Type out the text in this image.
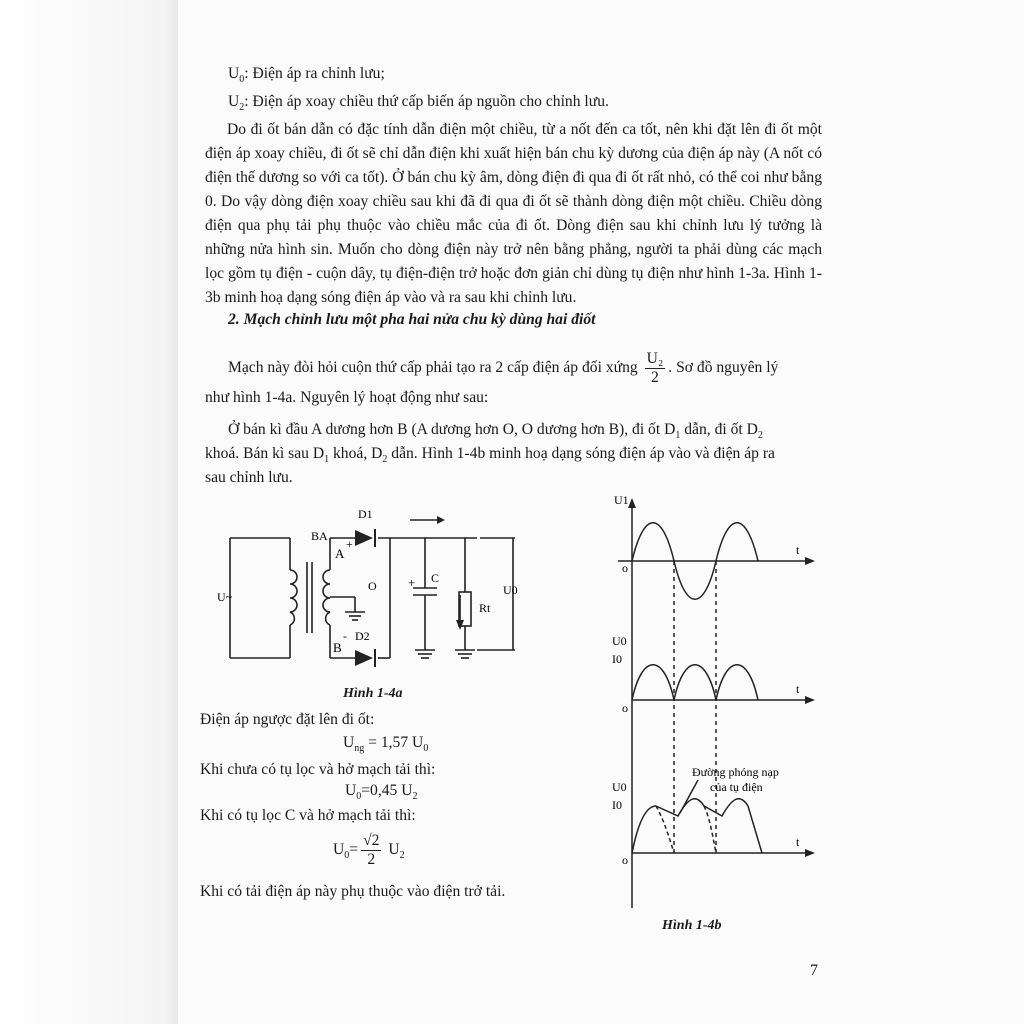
$U_0$: Điện áp ra chỉnh lưu;
$U_2$: Điện áp xoay chiều thứ cấp biến áp nguồn cho chỉnh lưu.

Do đi ốt bán dẫn có đặc tính dẫn điện một chiều, từ a nốt đến ca tốt, nên khi đặt lên đi ốt một điện áp xoay chiều, đi ốt sẽ chỉ dẫn điện khi xuất hiện bán chu kỳ dương của điện áp này (A nốt có điện thế dương so với ca tốt). Ở bán chu kỳ âm, dòng điện đi qua đi ốt rất nhỏ, có thể coi như bằng 0. Do vậy dòng điện xoay chiều sau khi đã đi qua đi ốt sẽ thành dòng điện một chiều. Chiều dòng điện qua phụ tải phụ thuộc vào chiều mắc của đi ốt. Dòng điện sau khi chỉnh lưu lý tưởng là những nửa hình sin. Muốn cho dòng điện này trở nên bằng phẳng, người ta phải dùng các mạch lọc gồm tụ điện - cuộn dây, tụ điện-điện trở hoặc đơn giản chỉ dùng tụ điện như hình 1-3a. Hình 1-3b minh hoạ dạng sóng điện áp vào và ra sau khi chỉnh lưu.

2. Mạch chỉnh lưu một pha hai nửa chu kỳ dùng hai điốt
Mạch này đòi hỏi cuộn thứ cấp phải tạo ra 2 cấp điện áp đối xứng $\frac{\text{U₂}}{2}$ . Sơ đồ nguyên lý
như hình 1-4a. Nguyên lý hoạt động như sau:
Ở bán kì đầu A dương hơn B (A dương hơn O, O dương hơn B), đi ốt $D_1$ dẫn, đi ốt $D_2$
khoá. Bán kì sau $D_1$ khoá, $D_2$ dẫn. Hình 1-4b minh hoạ dạng sóng điện áp vào và điện áp ra
sau chỉnh lưu.
U~
BA
A
+
O
B
-
D1
D2
+ C
Rt
U0
Hình 1-4a
Điện áp ngược đặt lên đi ốt:
$U_{ng} = 1,57$ $U_0$
Khi chưa có tụ lọc và hở mạch tải thì:
$U_0=0,45$ $U_2$
Khi có tụ lọc C và hở mạch tải thì:
$U_0= \frac{√2}{2} U_2$
Khi có tải điện áp này phụ thuộc vào điện trở tải.
U1
t
o
U0
I0
t
o
U0
I0
t
o
Đường phóng nạp
của tụ điện
Hình 1-4b
7
